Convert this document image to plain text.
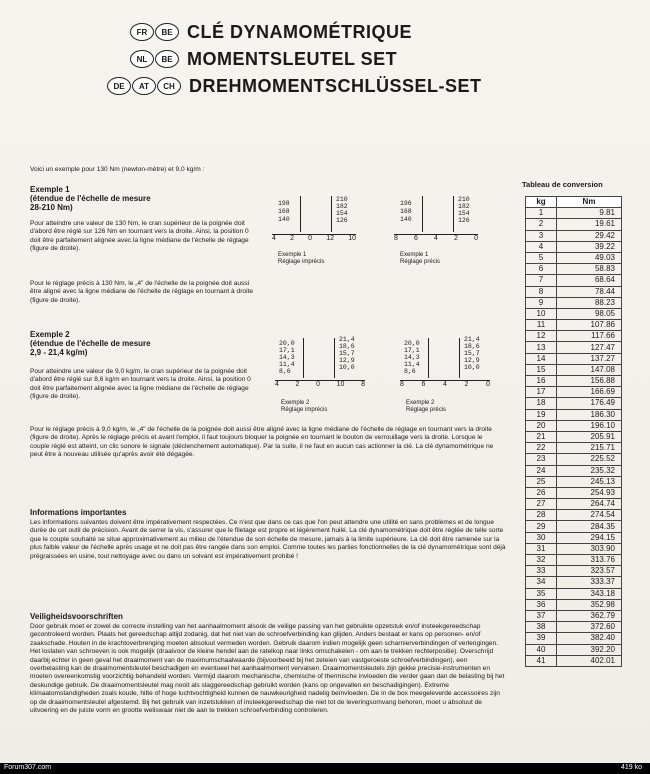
FR	BE CLÉ DYNAMOMÉTRIQUE
NL	BE MOMENTSLEUTEL SET
DE	AT	CH DREHMOMENTSCHLÜSSEL-SET
Voici un exemple pour 130 Nm (newton-mètre) et 9,0 kg/m :
Exemple 1
(étendue de l'échelle de mesure
28-210 Nm)
Pour atteindre une valeur de 130 Nm, le cran supérieur de la poignée doit d'abord être réglé sur 126 Nm en tournant vers la droite. Ainsi, la position 0 doit être parfaitement alignée avec la ligne médiane de l'échelle de réglage (figure de droite).
Pour le réglage précis à 130 Nm, le „4" de l'échelle de la poignée doit aussi être aligné avec la ligne médiane de l'échelle de réglage en tournant à droite (figure de droite).
198
168
140
210
182
154
126
4 2 0 12 10
Exemple 1
Réglage imprécis
196
168
140
210
182
154
126
8 6 4 2 0
Exemple 1
Réglage précis
Exemple 2
(étendue de l'échelle de mesure
2,9 - 21,4 kg/m)
Pour atteindre une valeur de 9,0 kg/m, le cran supérieur de la poignée doit d'abord être réglé sur 8,6 kg/m en tournant vers la droite. Ainsi, la position 0 doit être parfaitement alignée avec la ligne médiane de l'échelle de réglage (figure de droite).
Pour le réglage précis à 9,0 kg/m, le „4" de l'échelle de la poignée doit aussi être aligné avec la ligne médiane de l'échelle de réglage en tournant vers la droite (figure de droite). Après le réglage précis et avant l'emploi, il faut toujours bloquer la poignée en tournant le bouton de verrouillage vers la droite. Lorsque le couple réglé est atteint, un clic sonore le signale (déclenchement automatique). Par la suite, il ne faut en aucun cas actionner la clé. La clé dynamométrique ne peut être à nouveau utilisée qu'après avoir été dégagée.
20,0
17,1
14,3
11,4
8,6
21,4
18,6
15,7
12,9
10,0
4 2 0 10 8
Exemple 2
Réglage imprécis
20,0
17,1
14,3
11,4
8,6
21,4
18,6
15,7
12,9
10,0
8	6	4	2	0
Exemple 2
Réglage précis
Informations importantes
Les informations suivantes doivent être impérativement respectées. Ce n'est que dans ce cas que l'on peut attendre une utilité en sans problèmes et de longue durée de cet outil de précision. Avant de serrer la vis, s'assurer que le filetage est propre et légèrement huilé. La clé dynamométrique doit être réglée de telle sorte que le couple souhaité se situe approximativement au milieu de l'étendue de son échelle de mesure, jamais à la limite supérieure. La clé doit être ramenée sur la plus faible valeur de l'échelle après usage et ne doit pas être rangée dans son emploi. Comme toutes les parties fonctionnelles de la clé dynamométrique sont déjà prégraissées en usine, tout nettoyage avec ou dans un solvant est impérativement prohibé !
Veiligheidsvoorschriften
Door gebruik moet er zowel de correcte instelling van het aanhaalmoment alsook de veilige passing van het gebruikte opzetstuk en/of insteekgereedschap gecontroleerd worden. Plaats het gereedschap altijd zodanig, dat het niet van de schroefverbinding kan glijden. Anders bestaat er kans op personen- en/of zaakschade. Houten in de krachtoverbrenging moeten absoluut vermeden worden. Gebruik daarom indien mogelijk geen scharnierverbindingen of verlengingen. Het loslaten van schroeven is ook mogelijk (draaivoor de kleine hendel aan de ratelkop naar links omschakelen - om aan te trekken rechterpositie). Overschrijd daarbij echter in geen geval het draaimoment van de maximumschaalwaarde (bijvoorbeeld bij het zeteien van vastgeroeste schroefverbindingen), een overbelasting kan de draaimomentsleutel beschadigen en eventueel het aanhaalmoment vervalsen. Draaimomentsleutels zijn gekke precisie-instrumenten en moeten overeenkomstig voorzichtig behandeld worden. Vermijd daarom mechanische, chemische of thermische invloeden die verder gaan dan de belasting bij het deskundige gebruik. De draaimomentsleutel mag nooit als slaggereedschap gebruikt worden (kans op ongevallen en beschadigingen). Extreme klimaatomstandigheden zoals koude, hitte of hoge luchtvochtigheid kunnen de nauwkeurigheid nadelig beïnvloeden. De in de box meegeleverde accessoires zijn op de draaimomentsleutel afgestemd. Bij het gebruik van inzetstukken of insteekgereedschap die niet tot de leveringsomvang behoren, moet u absoluut de uitvoering en de juiste vorm en grootte weliswaar niet de aan te trekken schroefverbinding controleren.
Tableau de conversion
kg	Nm
1	9.81
2	19.61
3	29.42
4	39.22
5	49.03
6	58.83
7	68.64
8	78.44
9	88.23
10	98.05
11	107.86
12	117.66
13	127.47
14	137.27
15	147.08
16	156.88
17	166.69
18	176.49
19	186.30
20	196.10
21	205.91
22	215.71
23	225.52
24	235.32
25	245.13
26	254.93
27	264.74
28	274.54
29	284.35
30	294.15
31	303.90
32	313.76
33	323.57
34	333.37
35	343.18
36	352.98
37	362.79
38	372.60
39	382.40
40	392.20
41	402.01
Forum307.com	419 ko
